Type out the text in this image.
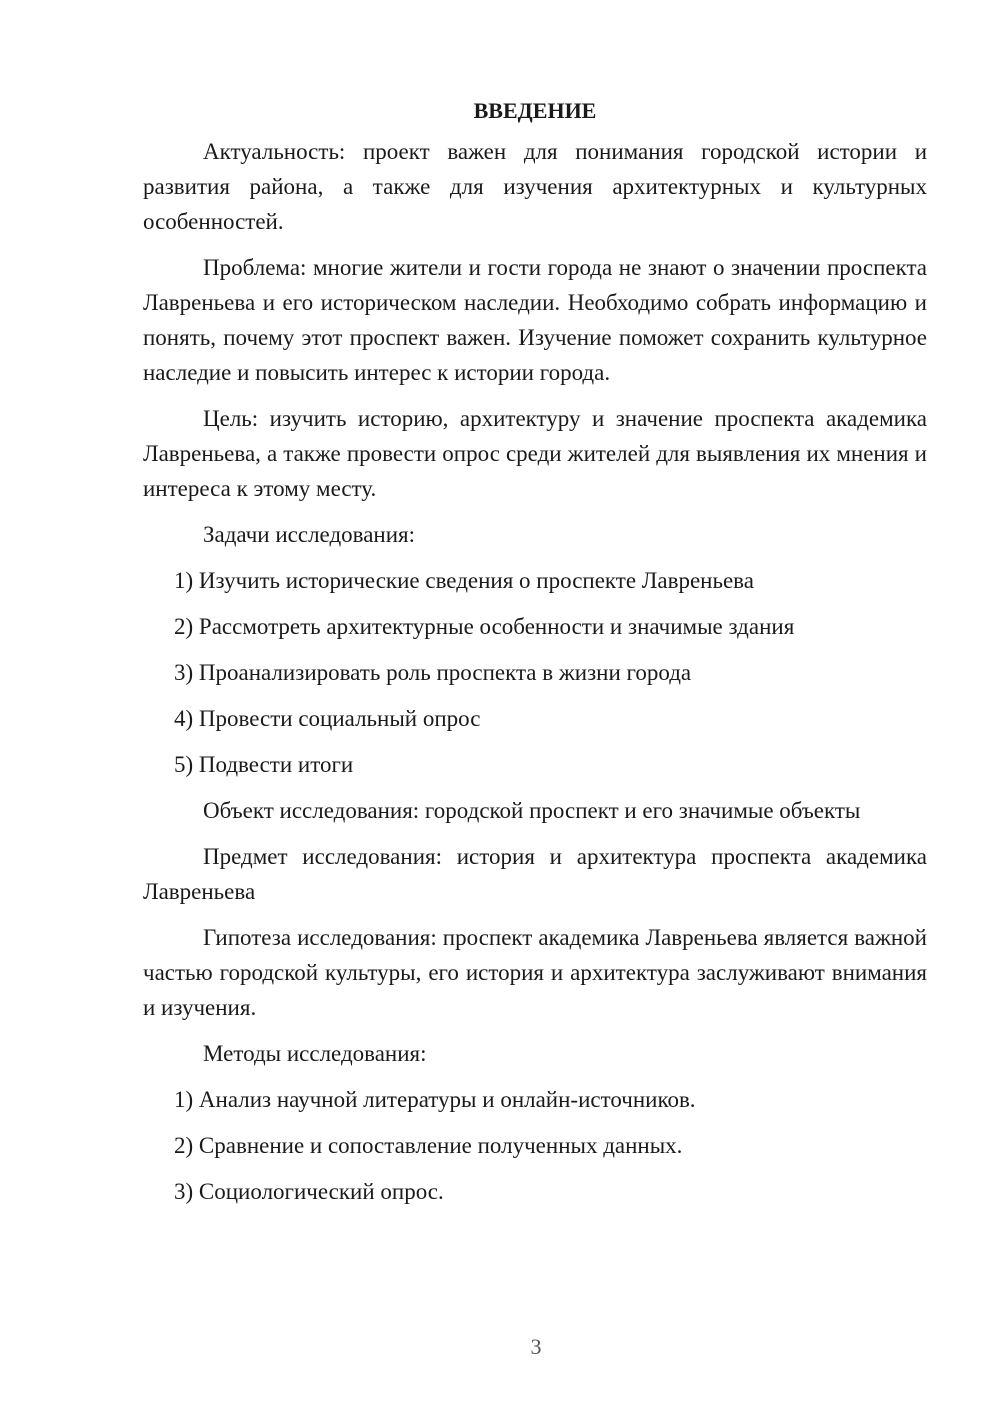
ВВЕДЕНИЕ
Актуальность: проект важен для понимания городской истории и развития района, а также для изучения архитектурных и культурных особенностей.
Проблема: многие жители и гости города не знают о значении проспекта Лавреньева и его историческом наследии. Необходимо собрать информацию и понять, почему этот проспект важен. Изучение поможет сохранить культурное наследие и повысить интерес к истории города.
Цель: изучить историю, архитектуру и значение проспекта академика Лавреньева, а также провести опрос среди жителей для выявления их мнения и интереса к этому месту.
Задачи исследования:
1) Изучить исторические сведения о проспекте Лавреньева
2) Рассмотреть архитектурные особенности и значимые здания
3) Проанализировать роль проспекта в жизни города
4) Провести социальный опрос
5) Подвести итоги
Объект исследования: городской проспект и его значимые объекты
Предмет исследования: история и архитектура проспекта академика Лавреньева
Гипотеза исследования: проспект академика Лавреньева является важной частью городской культуры, его история и архитектура заслуживают внимания и изучения.
Методы исследования:
1) Анализ научной литературы и онлайн-источников.
2) Сравнение и сопоставление полученных данных.
3) Социологический опрос.
3
